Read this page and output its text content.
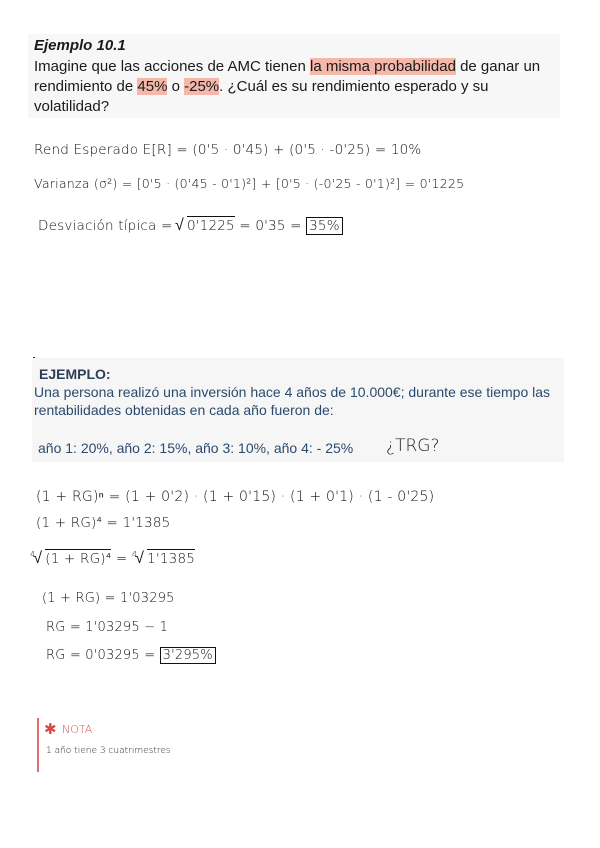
Ejemplo 10.1
Imagine que las acciones de AMC tienen la misma probabilidad de ganar un rendimiento de 45% o -25%. ¿Cuál es su rendimiento esperado y su volatilidad?
Rend Esperado E[R] = (0'5 · 0'45) + (0'5 · -0'25) = 10%
Varianza (σ²) = [0'5 · (0'45 - 0'1)²] + [0'5 · (-0'25 - 0'1)²] = 0'1225
Desviación típica = √ 0'1225 = 0'35 = 35%
EJEMPLO:
Una persona realizó una inversión hace 4 años de 10.000€; durante ese tiempo las rentabilidades obtenidas en cada año fueron de:
año 1: 20%, año 2: 15%, año 3: 10%, año 4: - 25% ¿TRG?
(1 + RG)ⁿ = (1 + 0'2) · (1 + 0'15) · (1 + 0'1) · (1 - 0'25)
(1 + RG)⁴ = 1'1385
$^4$ √ (1 + RG)⁴ = $^4$ √ 1'1385
(1 + RG) = 1'03295
RG = 1'03295 − 1
RG = 0'03295 = 3'295%
✱ NOTA
1 año tiene 3 cuatrimestres
